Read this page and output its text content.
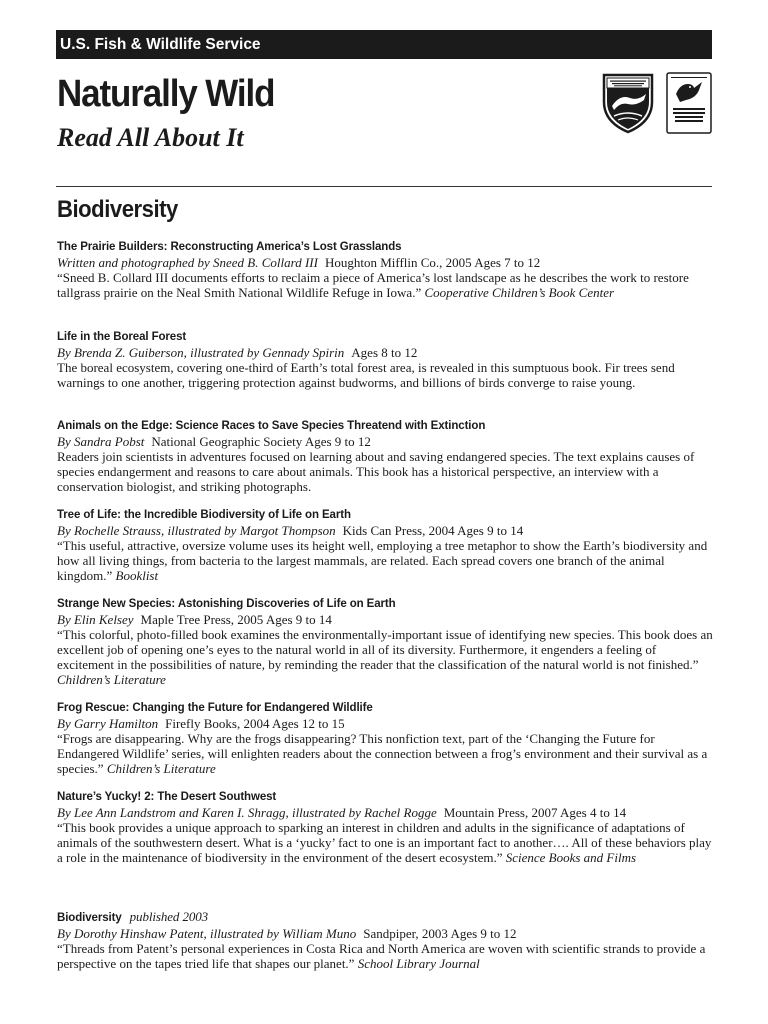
U.S. Fish & Wildlife Service
Naturally Wild
Read All About It
Biodiversity
The Prairie Builders: Reconstructing America’s Lost Grasslands
Written and photographed by Sneed B. Collard III Houghton Mifflin Co., 2005 Ages 7 to 12
“Sneed B. Collard III documents efforts to reclaim a piece of America’s lost landscape as he describes the work to restore tallgrass prairie on the Neal Smith National Wildlife Refuge in Iowa.” Cooperative Children’s Book Center
Life in the Boreal Forest
By Brenda Z. Guiberson, illustrated by Gennady Spirin Ages 8 to 12
The boreal ecosystem, covering one-third of Earth’s total forest area, is revealed in this sumptuous book. Fir trees send warnings to one another, triggering protection against budworms, and billions of birds converge to raise young.
Animals on the Edge: Science Races to Save Species Threatend with Extinction
By Sandra Pobst National Geographic Society Ages 9 to 12
Readers join scientists in adventures focused on learning about and saving endangered species. The text explains causes of species endangerment and reasons to care about animals. This book has a historical perspective, an interview with a conservation biologist, and striking photographs.
Tree of Life: the Incredible Biodiversity of Life on Earth
By Rochelle Strauss, illustrated by Margot Thompson Kids Can Press, 2004 Ages 9 to 14
“This useful, attractive, oversize volume uses its height well, employing a tree metaphor to show the Earth’s biodiversity and how all living things, from bacteria to the largest mammals, are related. Each spread covers one branch of the animal kingdom.” Booklist
Strange New Species: Astonishing Discoveries of Life on Earth
By Elin Kelsey Maple Tree Press, 2005 Ages 9 to 14
“This colorful, photo-filled book examines the environmentally-important issue of identifying new species. This book does an excellent job of opening one’s eyes to the natural world in all of its diversity. Furthermore, it engenders a feeling of excitement in the possibilities of nature, by reminding the reader that the classification of the natural world is not finished.” Children’s Literature
Frog Rescue: Changing the Future for Endangered Wildlife
By Garry Hamilton Firefly Books, 2004 Ages 12 to 15
“Frogs are disappearing. Why are the frogs disappearing? This nonfiction text, part of the ‘Changing the Future for Endangered Wildlife’ series, will enlighten readers about the connection between a frog’s environment and their survival as a species.” Children’s Literature
Nature’s Yucky! 2: The Desert Southwest
By Lee Ann Landstrom and Karen I. Shragg, illustrated by Rachel Rogge Mountain Press, 2007 Ages 4 to 14
“This book provides a unique approach to sparking an interest in children and adults in the significance of adaptations of animals of the southwestern desert. What is a ‘yucky’ fact to one is an important fact to another…. All of these behaviors play a role in the maintenance of biodiversity in the environment of the desert ecosystem.” Science Books and Films
Biodiversity published 2003
By Dorothy Hinshaw Patent, illustrated by William Muno Sandpiper, 2003 Ages 9 to 12
“Threads from Patent’s personal experiences in Costa Rica and North America are woven with scientific strands to provide a perspective on the tapes tried life that shapes our planet.” School Library Journal
